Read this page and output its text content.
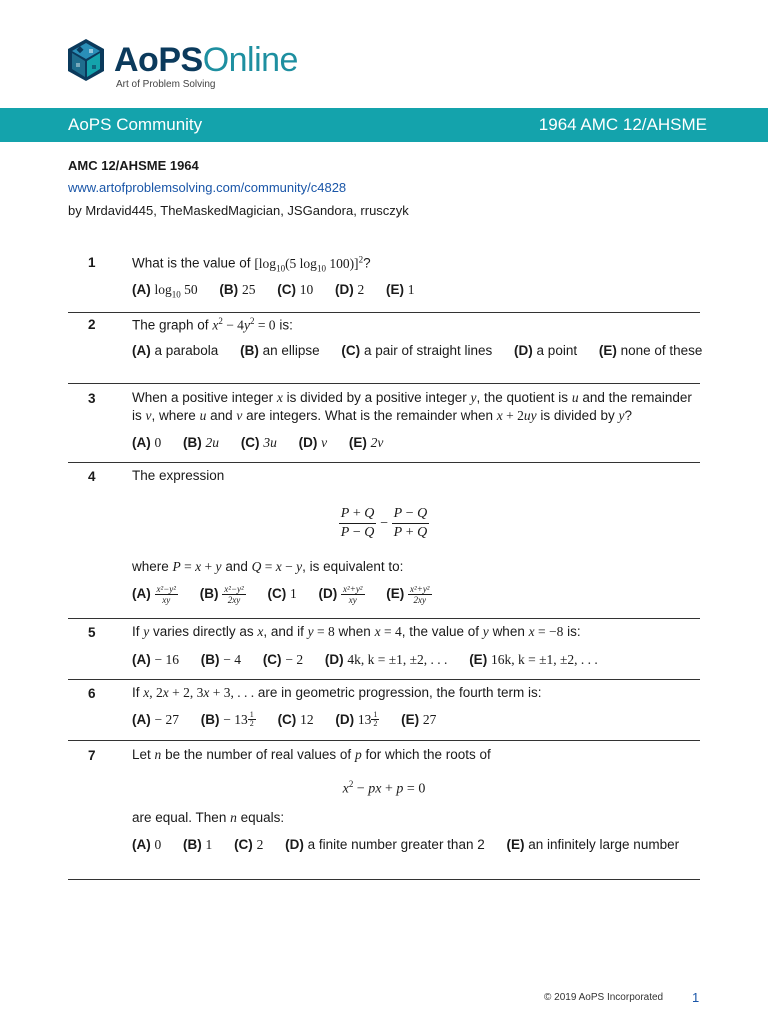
AoPSOnline
Art of Problem Solving
AoPS Community	1964 AMC 12/AHSME
AMC 12/AHSME 1964
www.artofproblemsolving.com/community/c4828
by Mrdavid445, TheMaskedMagician, JSGandora, rrusczyk
1	What is the value of [$\log_{10}(5$ $\log_{10} 100)]^2$?
(A) $\log_{10} 50$ (B) 25 (C) 10 (D) 2 (E) 1
2	The graph of $x^2 - 4y^2 = 0$ is:
(A) a parabola (B) an ellipse (C) a pair of straight lines (D) a point (E) none of these
3	When a positive integer x is divided by a positive integer y, the quotient is u and the remainder
is v, where u and v are integers. What is the remainder when x + 2uy is divided by y?
(A) 0 (B) 2u (C) 3u (D) v (E) 2v
4	The expression
$\frac{P + Q}{P - Q} - \frac{P - Q}{P + Q}$
where P = x + y and Q = x − y, is equivalent to:
$(A) \frac{\text{x²−y²}}{xy} (B) \frac{\text{x²−y²}}{2xy} (C)$ 1 $(D) \frac{\text{x²+y²}}{xy} (E) \frac{\text{x²+y²}}{2xy}$
5	If y varies directly as x, and if y = 8 when x = 4, the value of y when x = −8 is:
(A) − 16 (B) − 4 (C) − 2 (D) 4k, k = ±1, ±2, . . . (E) 16k, k = ±1, ±2, . . .
6	If x, 2x + 2, 3x + 3, . . . are in geometric progression, the fourth term is:
(A) − 27 $(B) - 13 \frac{1}{2} (C)$ 12 (D) $13 \frac{1}{2} (E)$ 27
7	Let n be the number of real values of p for which the roots of
$x^2$ − px + p = 0
are equal. Then n equals:
(A) 0 (B) 1 (C) 2 (D) a finite number greater than 2 (E) an infinitely large number
© 2019 AoPS Incorporated 1
